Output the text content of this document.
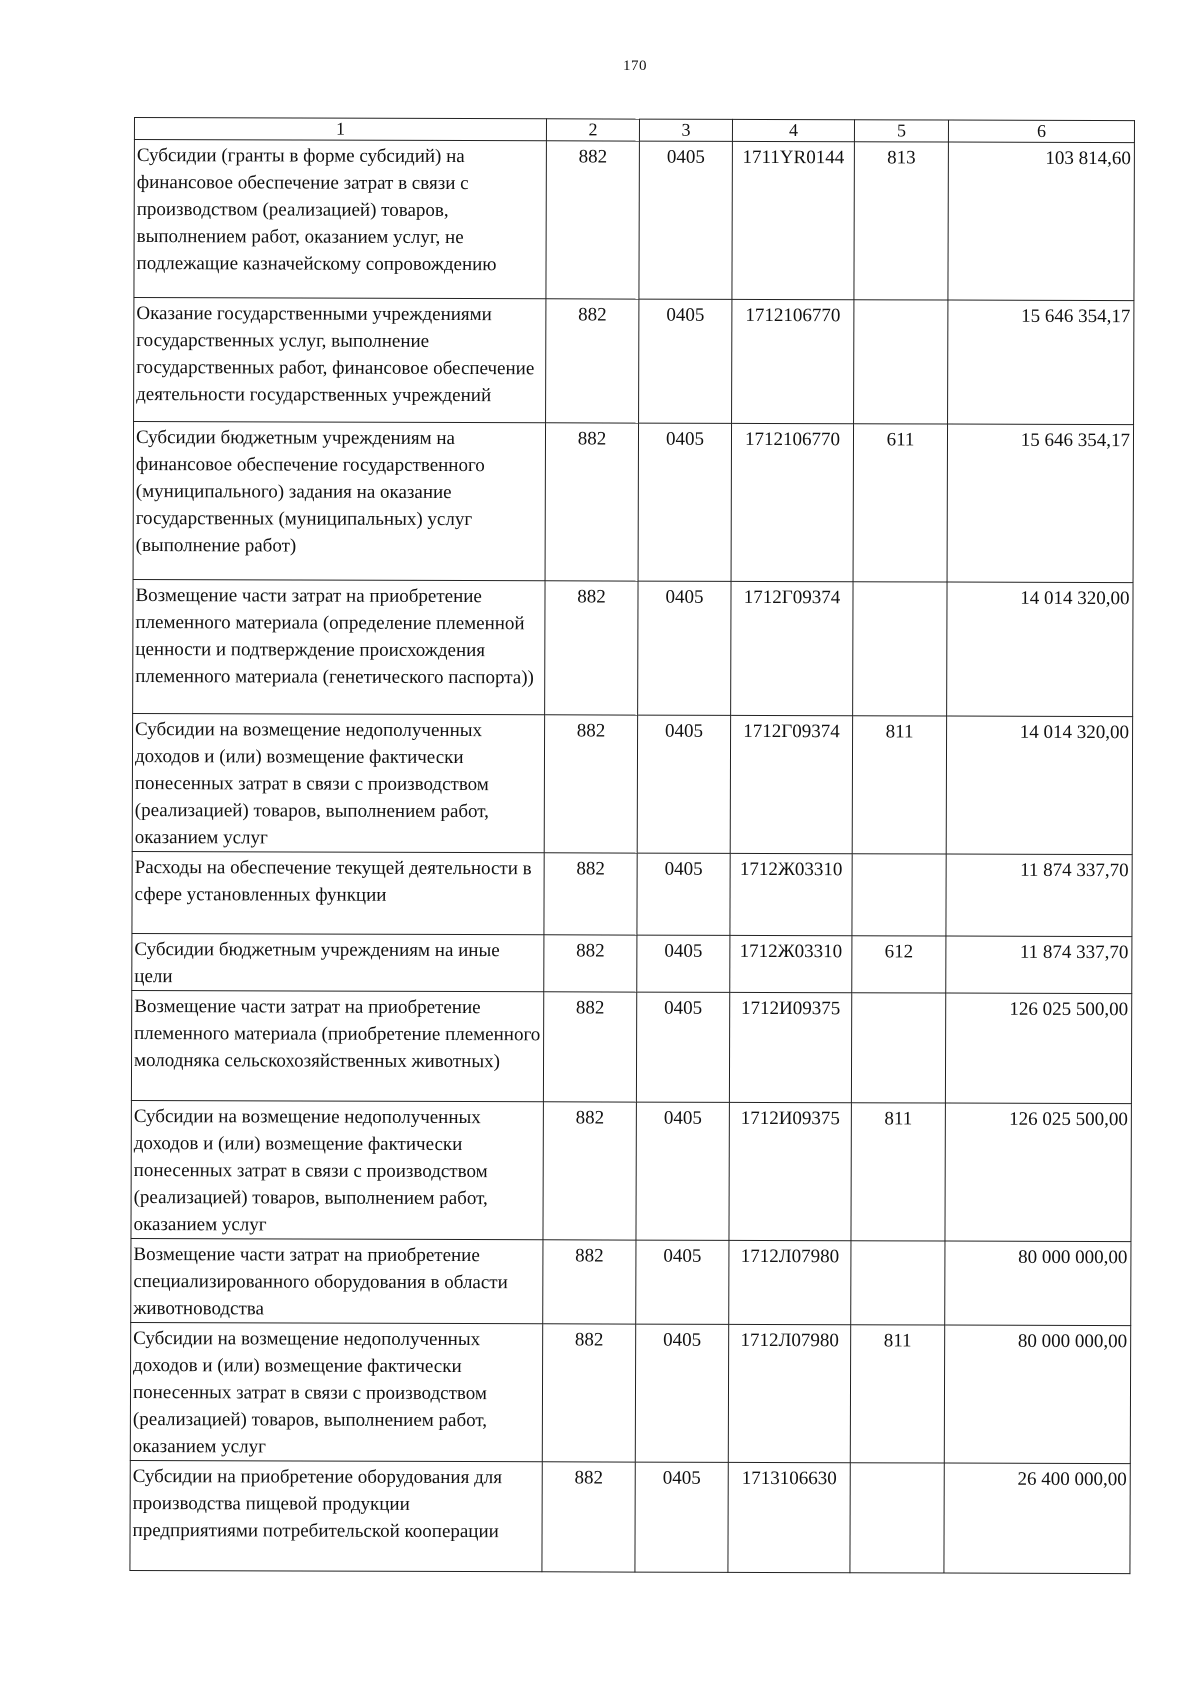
170
1	2	3	4	5	6
Субсидии (гранты в форме субсидий) на финансовое обеспечение затрат в связи с производством (реализацией) товаров, выполнением работ, оказанием услуг, не подлежащие казначейскому сопровождению	882	0405	1711YR0144	813	103 814,60
Оказание государственными учреждениями государственных услуг, выполнение государственных работ, финансовое обеспечение деятельности государственных учреждений	882	0405	1712106770		15 646 354,17
Субсидии бюджетным учреждениям на финансовое обеспечение государственного (муниципального) задания на оказание государственных (муниципальных) услуг (выполнение работ)	882	0405	1712106770	611	15 646 354,17
Возмещение части затрат на приобретение племенного материала (определение племенной ценности и подтверждение происхождения племенного материала (генетического паспорта))	882	0405	1712Г09374		14 014 320,00
Субсидии на возмещение недополученных доходов и (или) возмещение фактически понесенных затрат в связи с производством (реализацией) товаров, выполнением работ, оказанием услуг	882	0405	1712Г09374	811	14 014 320,00
Расходы на обеспечение текущей деятельности в сфере установленных функции	882	0405	1712Ж03310		11 874 337,70
Субсидии бюджетным учреждениям на иные цели	882	0405	1712Ж03310	612	11 874 337,70
Возмещение части затрат на приобретение племенного материала (приобретение племенного молодняка сельскохозяйственных животных)	882	0405	1712И09375		126 025 500,00
Субсидии на возмещение недополученных доходов и (или) возмещение фактически понесенных затрат в связи с производством (реализацией) товаров, выполнением работ, оказанием услуг	882	0405	1712И09375	811	126 025 500,00
Возмещение части затрат на приобретение специализированного оборудования в области животноводства	882	0405	1712Л07980		80 000 000,00
Субсидии на возмещение недополученных доходов и (или) возмещение фактически понесенных затрат в связи с производством (реализацией) товаров, выполнением работ, оказанием услуг	882	0405	1712Л07980	811	80 000 000,00
Субсидии на приобретение оборудования для производства пищевой продукции предприятиями потребительской кооперации	882	0405	1713106630		26 400 000,00
